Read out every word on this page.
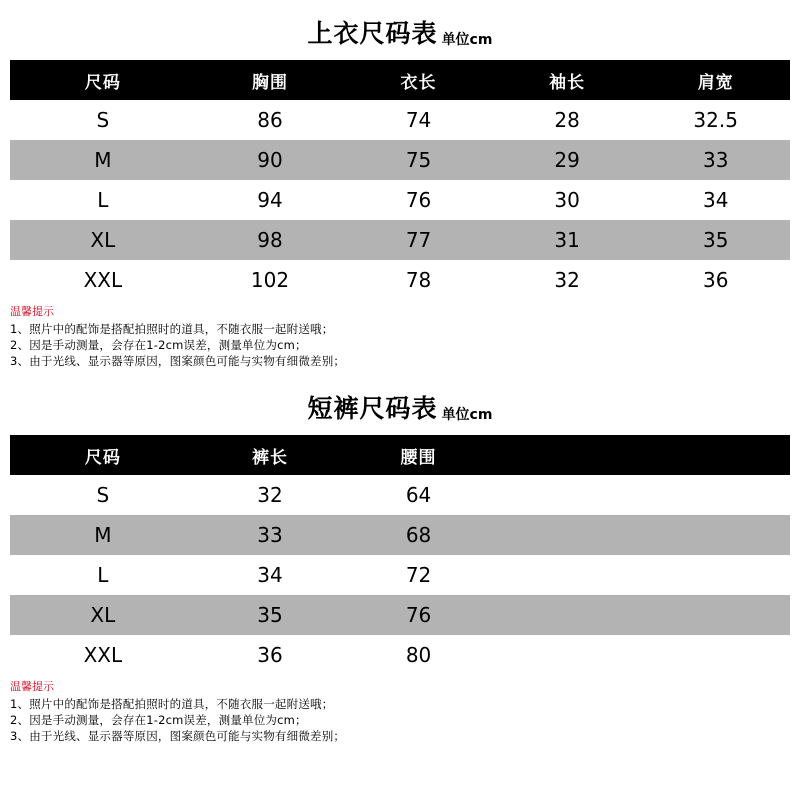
上衣尺码表 单位cm
尺码	胸围	衣长	袖长	肩宽
S	86	74	28	32.5
M	90	75	29	33
L	94	76	30	34
XL	98	77	31	35
XXL	102	78	32	36
温馨提示
1、照片中的配饰是搭配拍照时的道具，不随衣服一起附送哦；
2、因是手动测量，会存在1-2cm误差，测量单位为cm；
3、由于光线、显示器等原因，图案颜色可能与实物有细微差别；
短裤尺码表 单位cm
尺码	裤长	腰围		
S	32	64		
M	33	68		
L	34	72		
XL	35	76		
XXL	36	80		
温馨提示
1、照片中的配饰是搭配拍照时的道具，不随衣服一起附送哦；
2、因是手动测量，会存在1-2cm误差，测量单位为cm；
3、由于光线、显示器等原因，图案颜色可能与实物有细微差别；
